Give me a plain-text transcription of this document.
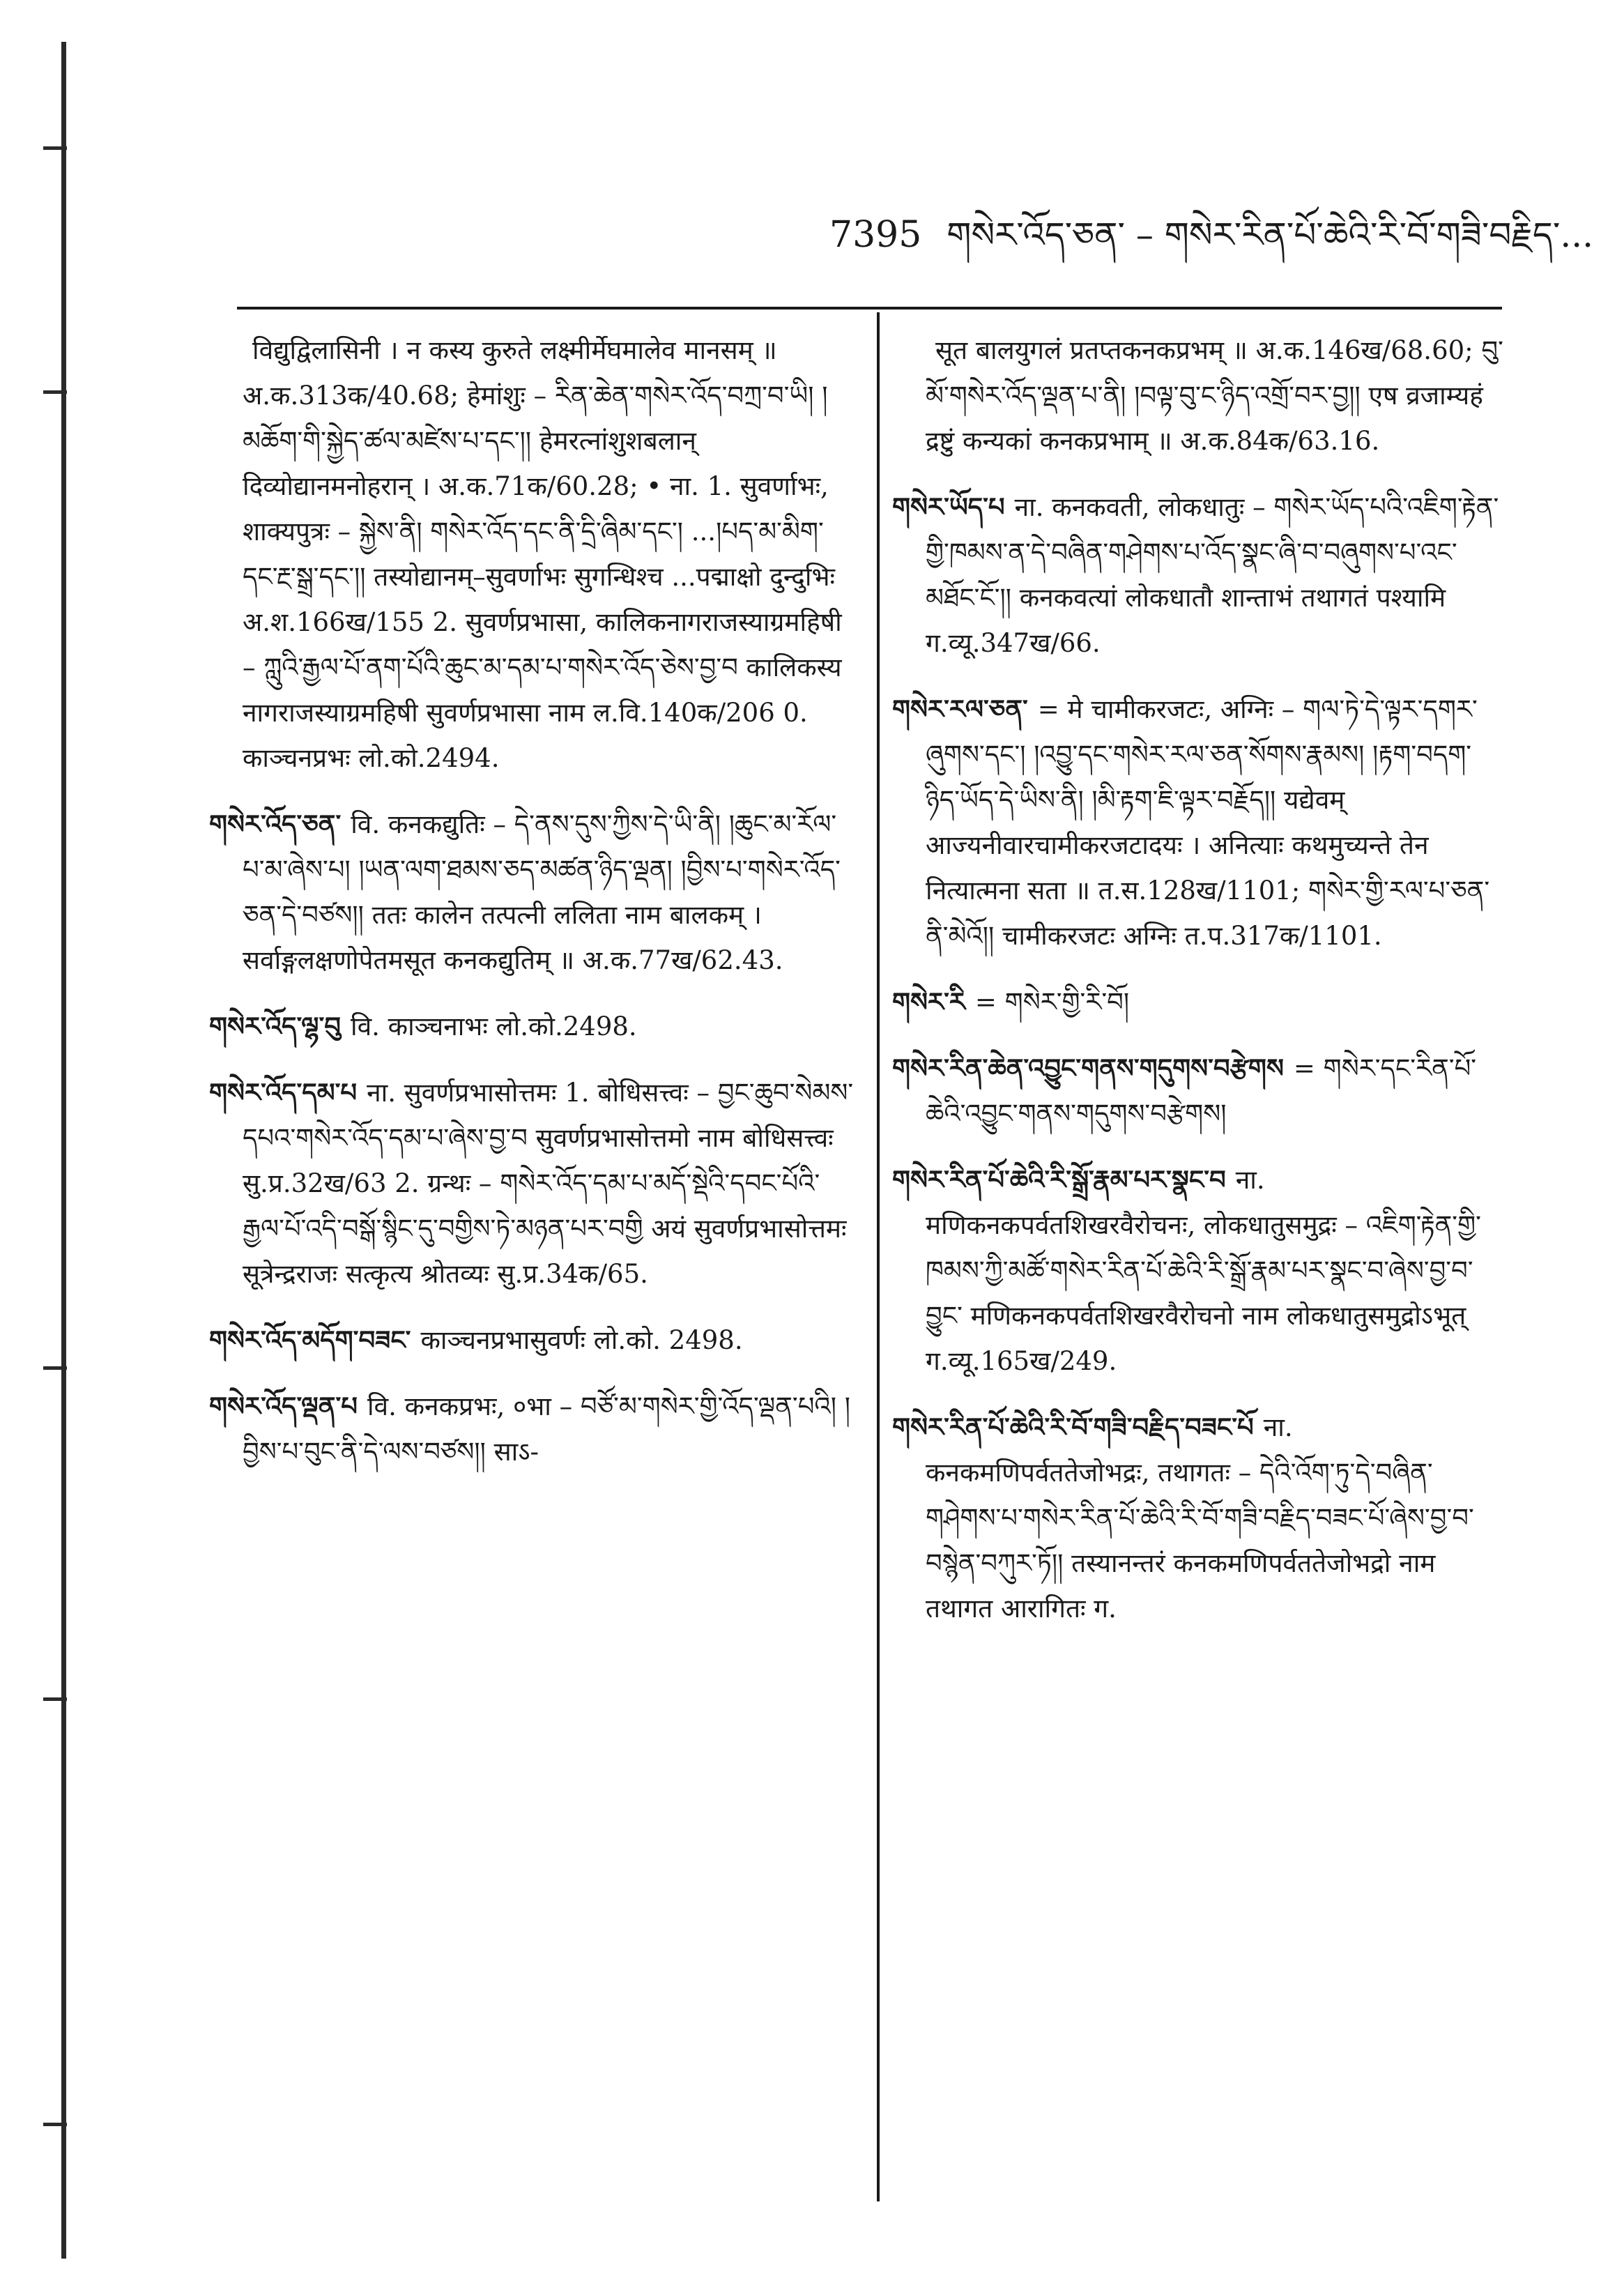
7395 གསེར་འོད་ཅན་ – གསེར་རིན་པོ་ཆེའི་རི་བོ་གཟི་བརྗིད་...
विद्युद्विलासिनी । न कस्य कुरुते लक्ष्मीर्मेघमालेव मानसम् ॥ अ.क.313क/40.68; हेमांशुः – རིན་ཆེན་གསེར་འོད་བཀྲ་བ་ཡི། །མཆོག་གི་སྐྱེད་ཚལ་མཛེས་པ་དང་།། हेमरत्नांशुशबलान् दिव्योद्यानमनोहरान् । अ.क.71क/60.28; • ना. 1. सुवर्णाभः, शाक्यपुत्रः – སྐྱེས་ནི། གསེར་འོད་དང་ནི་དྲི་ཞིམ་དང་། ...།པད་མ་མིག་དང་རྔ་སྒྲ་དང་།། तस्योद्यानम्–सुवर्णाभः सुगन्धिश्च ...पद्माक्षो दुन्दुभिः अ.श.166ख/155 2. सुवर्णप्रभासा, कालिकनागराजस्याग्रमहिषी – ཀླུའི་རྒྱལ་པོ་ནག་པོའི་ཆུང་མ་དམ་པ་གསེར་འོད་ཅེས་བྱ་བ कालिकस्य नागराजस्याग्रमहिषी सुवर्णप्रभासा नाम ल.वि.140क/206 0. काञ्चनप्रभः लो.को.2494.
གསེར་འོད་ཅན་ वि. कनकद्युतिः – དེ་ནས་དུས་ཀྱིས་དེ་ཡི་ནི། །ཆུང་མ་རོལ་པ་མ་ཞེས་པ། །ཡན་ལག་ཐམས་ཅད་མཚན་ཉིད་ལྡན། །བྱིས་པ་གསེར་འོད་ཅན་དེ་བཙས།། ततः कालेन तत्पत्नी ललिता नाम बालकम् । सर्वाङ्गलक्षणोपेतमसूत कनकद्युतिम् ॥ अ.क.77ख/62.43.
གསེར་འོད་ལྷ་བུ वि. काञ्चनाभः लो.को.2498.
གསེར་འོད་དམ་པ ना. सुवर्णप्रभासोत्तमः 1. बोधिसत्त्वः – བྱང་ཆུབ་སེམས་དཔའ་གསེར་འོད་དམ་པ་ཞེས་བྱ་བ सुवर्णप्रभासोत्तमो नाम बोधिसत्त्वः सु.प्र.32ख/63 2. ग्रन्थः – གསེར་འོད་དམ་པ་མདོ་སྡེའི་དབང་པོའི་རྒྱལ་པོ་འདི་བསྒོ་སྙིང་དུ་བགྱིས་ཏེ་མཉན་པར་བགྱི अयं सुवर्णप्रभासोत्तमः सूत्रेन्द्रराजः सत्कृत्य श्रोतव्यः सु.प्र.34क/65.
གསེར་འོད་མདོག་བཟང་ काञ्चनप्रभासुवर्णः लो.को. 2498.
གསེར་འོད་ལྡན་པ वि. कनकप्रभः, ०भा – བཙོ་མ་གསེར་གྱི་འོད་ལྡན་པའི། །བྱིས་པ་བུང་ནི་དེ་ལས་བཙས།། साऽ-
सूत बालयुगलं प्रतप्तकनकप्रभम् ॥ अ.क.146ख/68.60; བུ་མོ་གསེར་འོད་ལྡན་པ་ནི། །བལྟ་བུ་ང་ཉིད་འགྲོ་བར་བྱ།། एष व्रजाम्यहं द्रष्टुं कन्यकां कनकप्रभाम् ॥ अ.क.84क/63.16.
གསེར་ཡོད་པ ना. कनकवती, लोकधातुः – གསེར་ཡོད་པའི་འཇིག་རྟེན་གྱི་ཁམས་ན་དེ་བཞིན་གཤེགས་པ་འོད་སྣང་ཞི་བ་བཞུགས་པ་འང་མཐོང་ངོ་།། कनकवत्यां लोकधातौ शान्ताभं तथागतं पश्यामि ग.व्यू.347ख/66.
གསེར་རལ་ཅན་ = मे चामीकरजटः, अग्निः – གལ་ཏེ་དེ་ལྟར་དགར་ཞུགས་དང་། །འབྱུ་དང་གསེར་རལ་ཅན་སོགས་རྣམས། །རྟག་བདག་ཉིད་ཡོད་དེ་ཡིས་ནི། །མི་རྟག་ཇི་ལྟར་བརྗོད།། यद्येवम् आज्यनीवारचामीकरजटादयः । अनित्याः कथमुच्यन्ते तेन नित्यात्मना सता ॥ त.स.128ख/1101; གསེར་གྱི་རལ་པ་ཅན་ནི་མེའོ།། चामीकरजटः अग्निः त.प.317क/1101.
གསེར་རི = གསེར་གྱི་རི་བོ།
གསེར་རིན་ཆེན་འབྱུང་གནས་གདུགས་བརྩེགས = གསེར་དང་རིན་པོ་ཆེའི་འབྱུང་གནས་གདུགས་བརྩེགས།
གསེར་རིན་པོ་ཆེའི་རི་སྒྲོ་རྣམ་པར་སྣང་བ ना. मणिकनकपर्वतशिखरवैरोचनः, लोकधातुसमुद्रः – འཇིག་རྟེན་གྱི་ཁམས་ཀྱི་མཚོ་གསེར་རིན་པོ་ཆེའི་རི་སྒྲོ་རྣམ་པར་སྣང་བ་ཞེས་བྱ་བ་བྱུང་ मणिकनकपर्वतशिखरवैरोचनो नाम लोकधातुसमुद्रोऽभूत् ग.व्यू.165ख/249.
གསེར་རིན་པོ་ཆེའི་རི་བོ་གཟི་བརྗིད་བཟང་པོ ना. कनकमणिपर्वततेजोभद्रः, तथागतः – དེའི་འོག་ཏུ་དེ་བཞིན་གཤེགས་པ་གསེར་རིན་པོ་ཆེའི་རི་བོ་གཟི་བརྗིད་བཟང་པོ་ཞེས་བྱ་བ་བསྙེན་བཀུར་ཏོ།། तस्यानन्तरं कनकमणिपर्वततेजोभद्रो नाम तथागत आरागितः ग.
